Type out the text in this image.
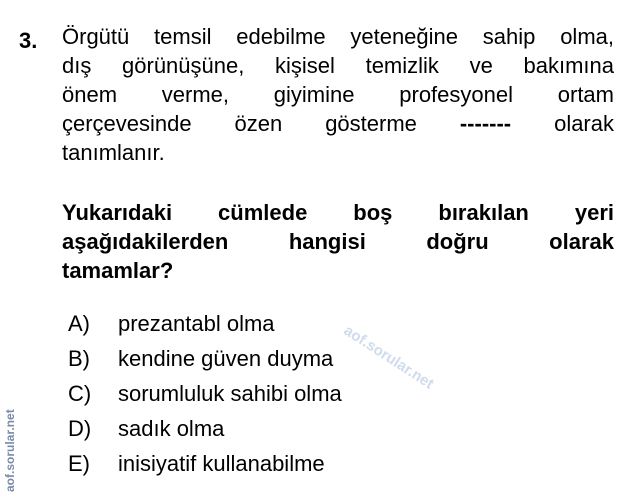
3. Örgütü temsil edebilme yeteneğine sahip olma,
dış görünüşüne, kişisel temizlik ve bakımına
önem verme, giyimine profesyonel ortam
çerçevesinde özen gösterme ------- olarak
tanımlanır.
Yukarıdaki cümlede boş bırakılan yeri
aşağıdakilerden hangisi doğru olarak
tamamlar?
A)	prezantabl olma
B)	kendine güven duyma
C)	sorumluluk sahibi olma
D)	sadık olma
E)	inisiyatif kullanabilme
aof.sorular.net
aof.sorular.net
